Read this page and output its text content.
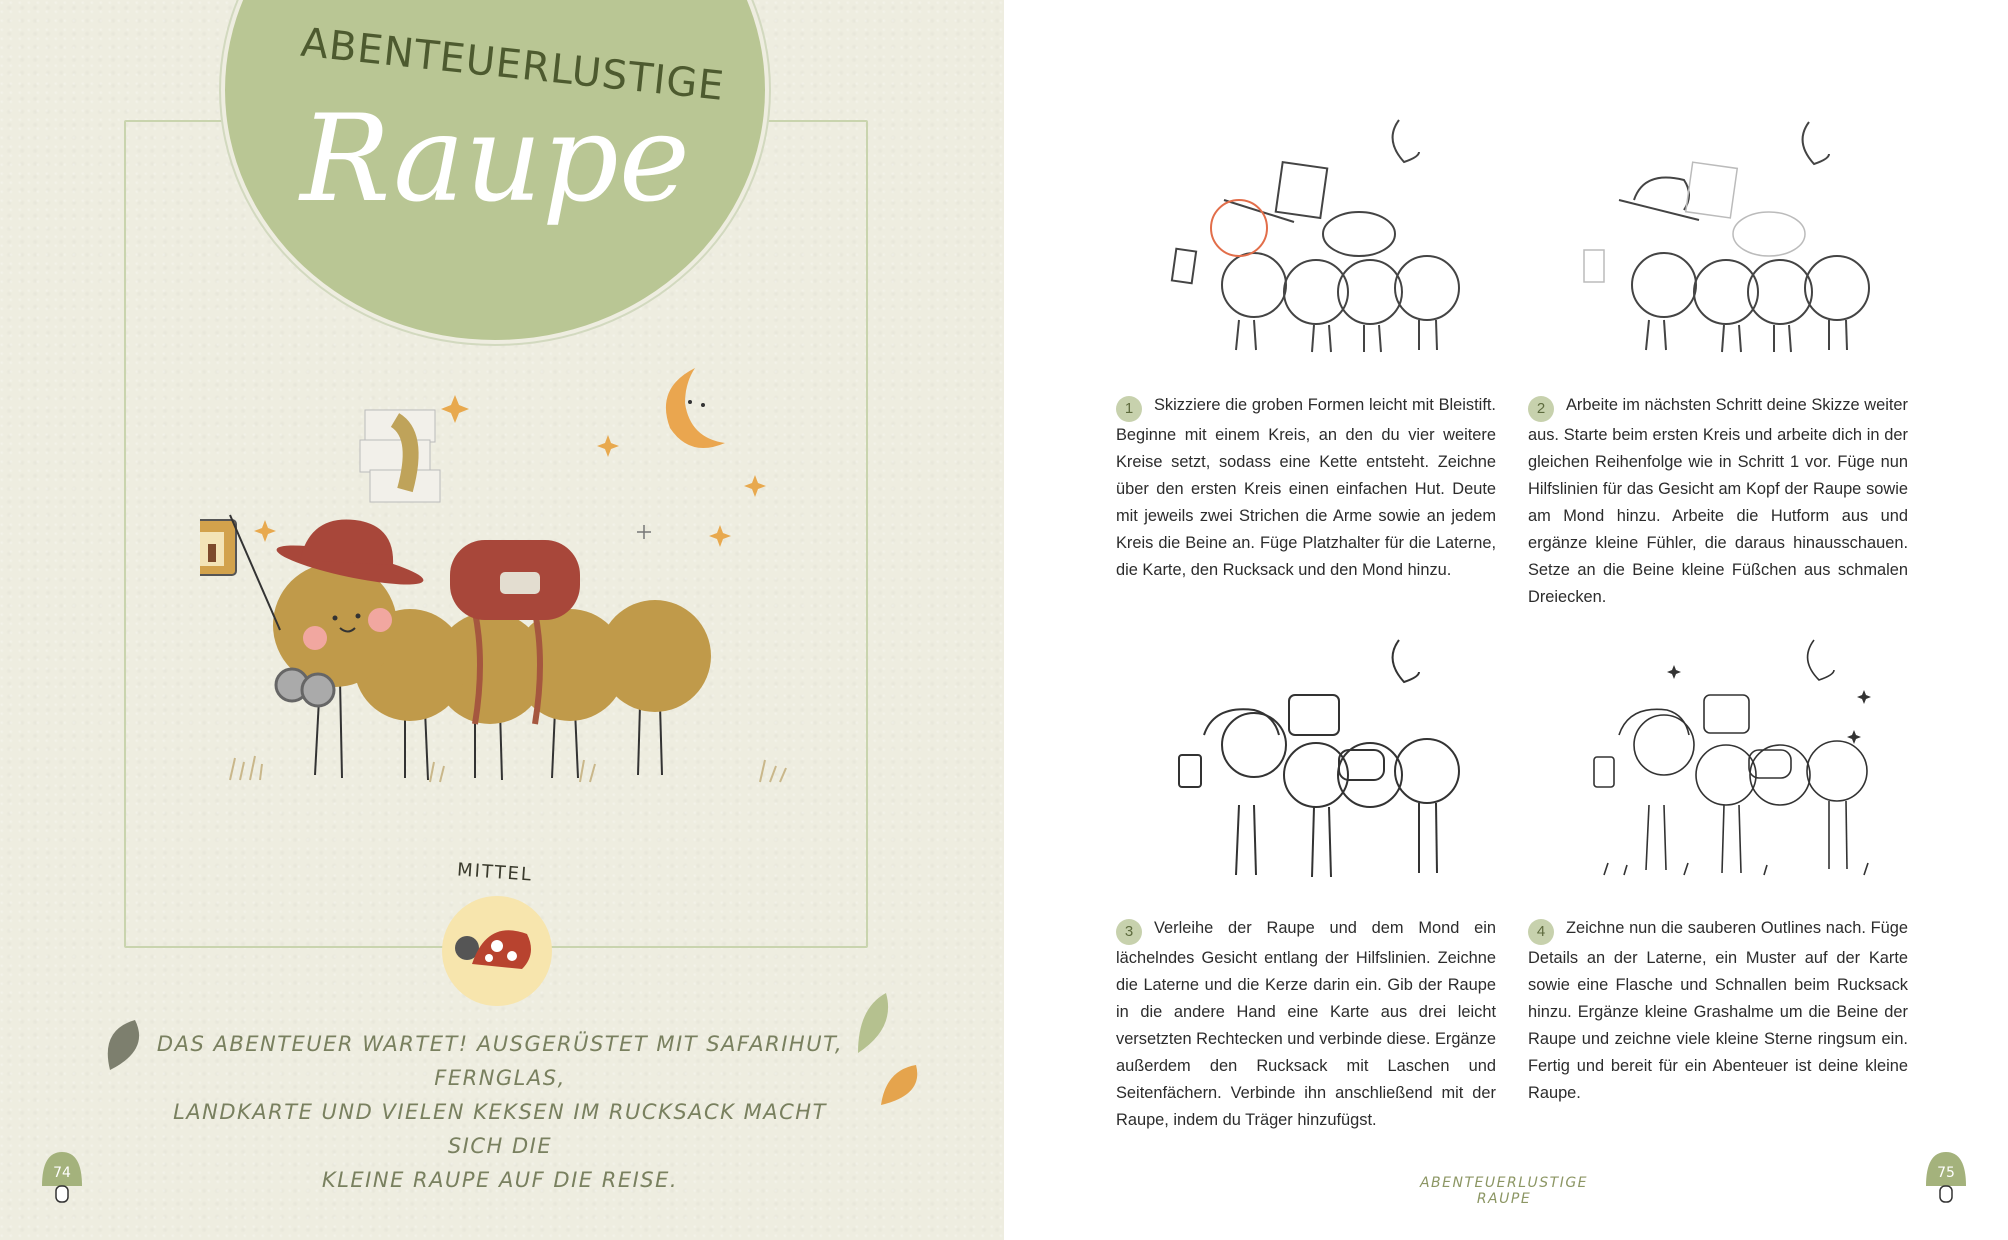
ABENTEUERLUSTIGE
Raupe
MITTEL
DAS ABENTEUER WARTET! AUSGERÜSTET MIT SAFARIHUT, FERNGLAS,
LANDKARTE UND VIELEN KEKSEN IM RUCKSACK MACHT SICH DIE
KLEINE RAUPE AUF DIE REISE.
74
1 Skizziere die groben Formen leicht mit Bleistift. Beginne mit einem Kreis, an den du vier weitere Kreise setzt, sodass eine Kette entsteht. Zeichne über den ersten Kreis einen einfachen Hut. Deute mit jeweils zwei Strichen die Arme sowie an jedem Kreis die Beine an. Füge Platzhalter für die Laterne, die Karte, den Rucksack und den Mond hinzu.
2 Arbeite im nächsten Schritt deine Skizze weiter aus. Starte beim ersten Kreis und arbeite dich in der gleichen Reihenfolge wie in Schritt 1 vor. Füge nun Hilfslinien für das Gesicht am Kopf der Raupe sowie am Mond hinzu. Arbeite die Hutform aus und ergänze kleine Fühler, die daraus hinausschauen. Setze an die Beine kleine Füßchen aus schmalen Dreiecken.
3 Verleihe der Raupe und dem Mond ein lächelndes Gesicht entlang der Hilfslinien. Zeichne die Laterne und die Kerze darin ein. Gib der Raupe in die andere Hand eine Karte aus drei leicht versetzten Rechtecken und verbinde diese. Ergänze außerdem den Rucksack mit Laschen und Seitenfächern. Verbinde ihn anschließend mit der Raupe, indem du Träger hinzufügst.
4 Zeichne nun die sauberen Outlines nach. Füge Details an der Laterne, ein Muster auf der Karte sowie eine Flasche und Schnallen beim Rucksack hinzu. Ergänze kleine Grashalme um die Beine der Raupe und zeichne viele kleine Sterne ringsum ein. Fertig und bereit für ein Abenteuer ist deine kleine Raupe.
ABENTEUERLUSTIGE RAUPE
75
